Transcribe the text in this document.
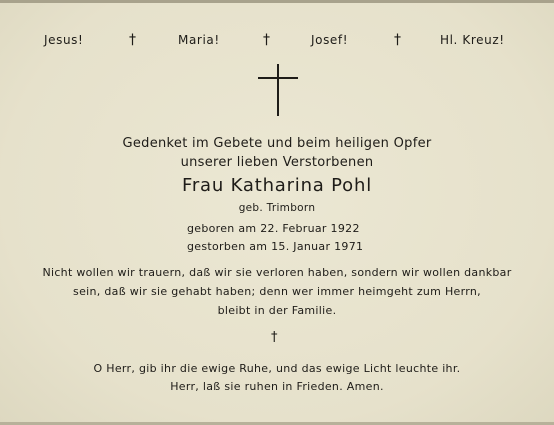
Jesus!	†	Maria!	†	Josef!	†	Hl. Kreuz!
Gedenket im Gebete und beim heiligen Opfer
unserer lieben Verstorbenen
Frau Katharina Pohl
geb. Trimborn
geboren am 22. Februar 1922
gestorben am 15. Januar 1971
Nicht wollen wir trauern, daß wir sie verloren haben, sondern wir wollen dankbar
sein, daß wir sie gehabt haben; denn wer immer heimgeht zum Herrn,
bleibt in der Familie.
†
O Herr, gib ihr die ewige Ruhe, und das ewige Licht leuchte ihr.
Herr, laß sie ruhen in Frieden. Amen.
